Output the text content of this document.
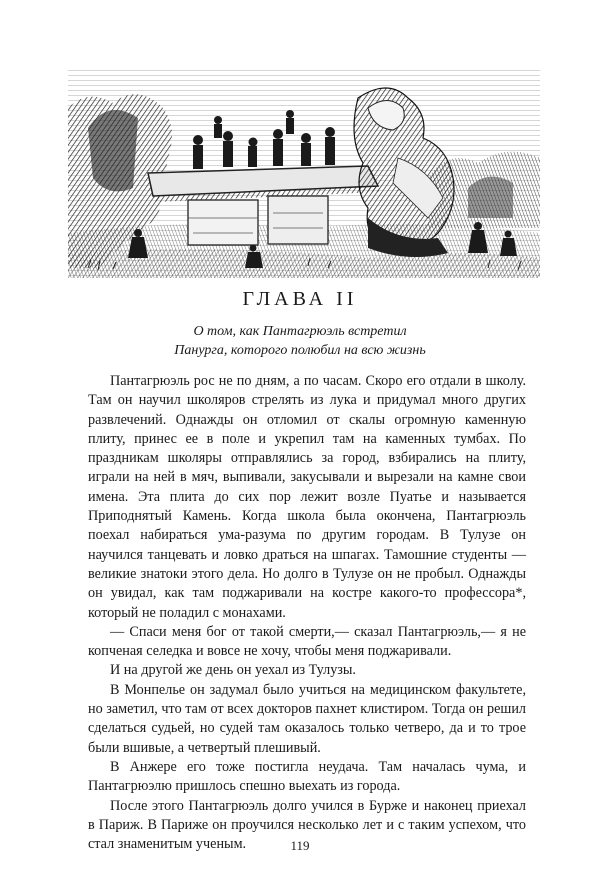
ГЛАВА II
О том, как Пантагрюэль встретил
Панурга, которого полюбил на всю жизнь

Пантагрюэль рос не по дням, а по часам. Скоро его отдали в школу. Там он научил школяров стрелять из лука и придумал много других развлечений. Однажды он отломил от скалы огромную каменную плиту, принес ее в поле и укрепил там на каменных тумбах. По праздникам школяры отправлялись за город, взбирались на плиту, играли на ней в мяч, выпивали, закусывали и вырезали на камне свои имена. Эта плита до сих пор лежит возле Пуатье и называется Приподнятый Камень. Когда школа была окончена, Пантагрюэль поехал набираться ума-разума по другим городам. В Тулузе он научился танцевать и ловко драться на шпагах. Тамошние студенты — великие знатоки этого дела. Но долго в Тулузе он не пробыл. Однажды он увидал, как там поджаривали на костре какого-то профессора*, который не поладил с монахами.

— Спаси меня бог от такой смерти,— сказал Пантагрюэль,— я не копченая селедка и вовсе не хочу, чтобы меня поджаривали.

И на другой же день он уехал из Тулузы.

В Монпелье он задумал было учиться на медицинском факультете, но заметил, что там от всех докторов пахнет клистиром. Тогда он решил сделаться судьей, но судей там оказалось только четверо, да и то трое были вшивые, а четвертый плешивый.

В Анжере его тоже постигла неудача. Там началась чума, и Пантагрюэлю пришлось спешно выехать из города.

После этого Пантагрюэль долго учился в Бурже и наконец приехал в Париж. В Париже он проучился несколько лет и с таким успехом, что стал знаменитым ученым.	119
